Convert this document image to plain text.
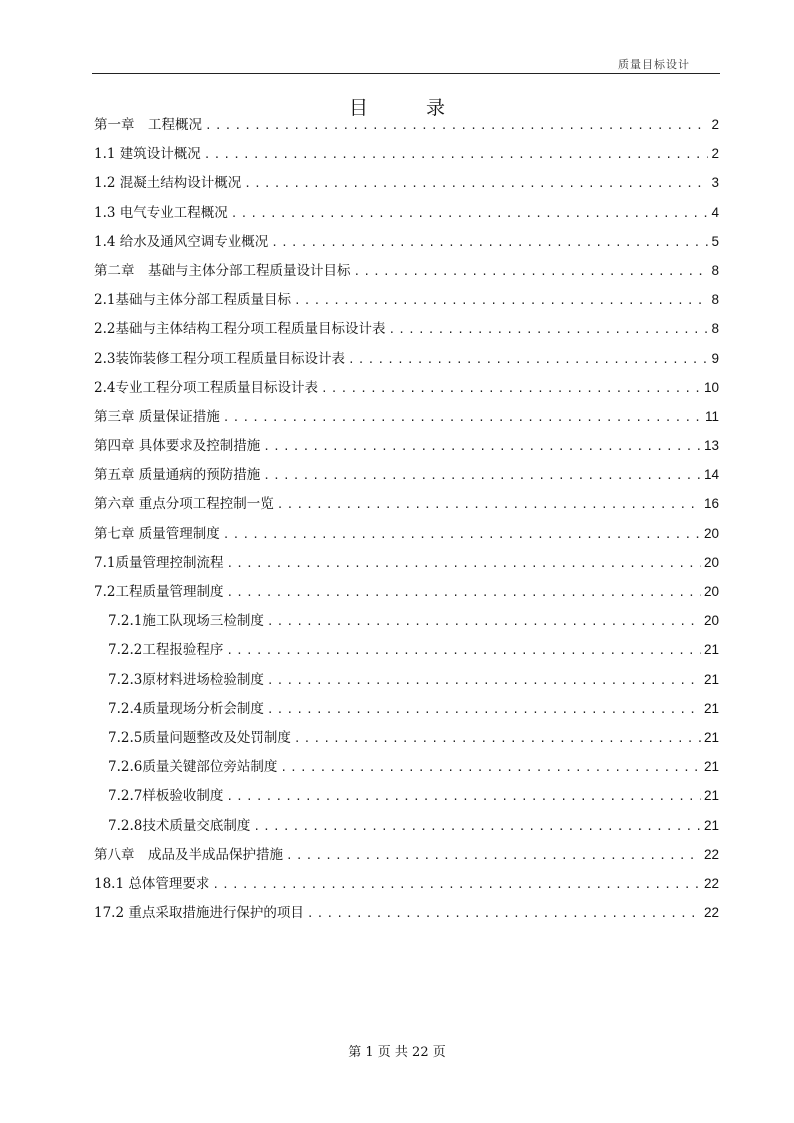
质量目标设计
目 录
第一章　工程概况 .....	2
1.1 建筑设计概况 .....	2
1.2 混凝土结构设计概况 .....	3
1.3 电气专业工程概况 .....	4
1.4 给水及通风空调专业概况 .....	5
第二章　基础与主体分部工程质量设计目标 .....	8
2.1基础与主体分部工程质量目标 .....	8
2.2基础与主体结构工程分项工程质量目标设计表 .....	8
2.3装饰装修工程分项工程质量目标设计表 .....	9
2.4专业工程分项工程质量目标设计表 .....	10
第三章 质量保证措施 .....	11
第四章 具体要求及控制措施 .....	13
第五章 质量通病的预防措施 .....	14
第六章 重点分项工程控制一览 .....	16
第七章 质量管理制度 .....	20
7.1质量管理控制流程 .....	20
7.2工程质量管理制度 .....	20
7.2.1施工队现场三检制度 .....	20
7.2.2工程报验程序 .....	21
7.2.3原材料进场检验制度 .....	21
7.2.4质量现场分析会制度 .....	21
7.2.5质量问题整改及处罚制度 .....	21
7.2.6质量关键部位旁站制度 .....	21
7.2.7样板验收制度 .....	21
7.2.8技术质量交底制度 .....	21
第八章　成品及半成品保护措施 .....	22
18.1 总体管理要求 .....	22
17.2 重点采取措施进行保护的项目 .....	22
第 1 页 共 22 页
